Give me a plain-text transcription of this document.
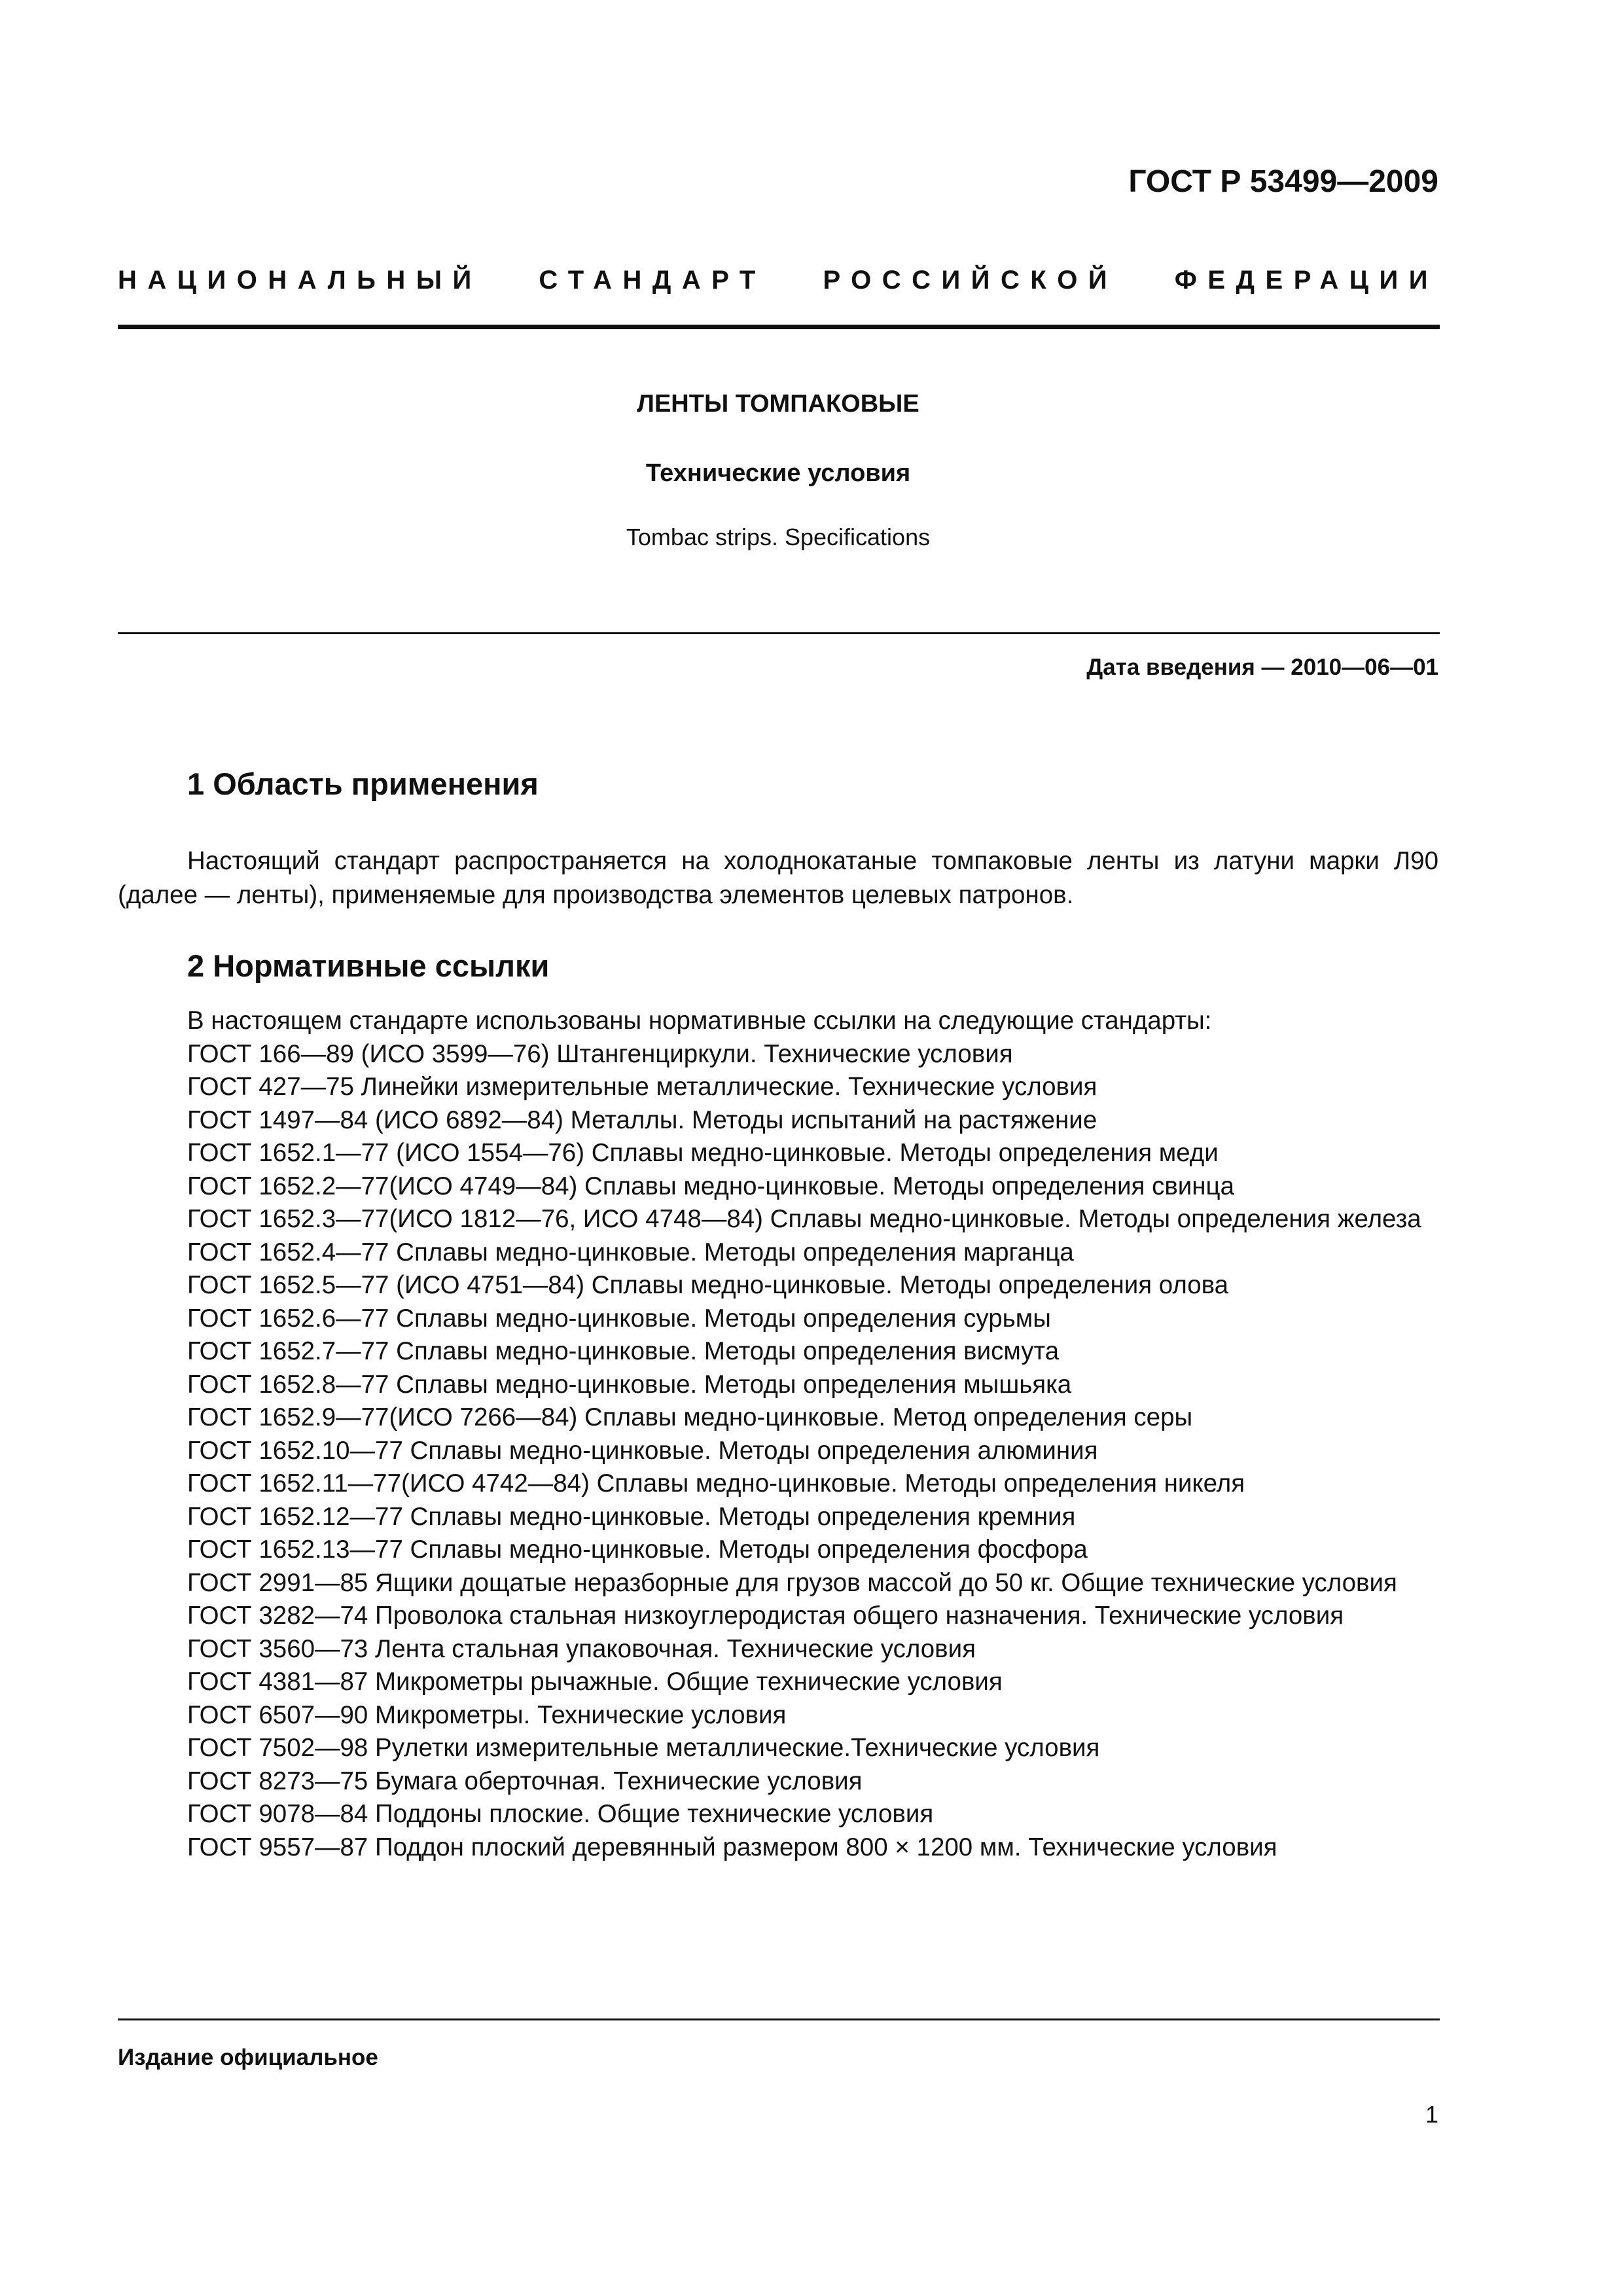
ГОСТ Р 53499—2009
НАЦИОНАЛЬНЫЙ СТАНДАРТ РОССИЙСКОЙ ФЕДЕРАЦИИ
ЛЕНТЫ ТОМПАКОВЫЕ
Технические условия
Tombac strips. Specifications
Дата введения — 2010—06—01
1 Область применения
Настоящий стандарт распространяется на холоднокатаные томпаковые ленты из латуни марки Л90 (далее — ленты), применяемые для производства элементов целевых патронов.
2 Нормативные ссылки
В настоящем стандарте использованы нормативные ссылки на следующие стандарты:
ГОСТ 166—89 (ИСО 3599—76) Штангенциркули. Технические условия
ГОСТ 427—75 Линейки измерительные металлические. Технические условия
ГОСТ 1497—84 (ИСО 6892—84) Металлы. Методы испытаний на растяжение
ГОСТ 1652.1—77 (ИСО 1554—76) Сплавы медно-цинковые. Методы определения меди
ГОСТ 1652.2—77(ИСО 4749—84) Сплавы медно-цинковые. Методы определения свинца
ГОСТ 1652.3—77(ИСО 1812—76, ИСО 4748—84) Сплавы медно-цинковые. Методы определения железа
ГОСТ 1652.4—77 Сплавы медно-цинковые. Методы определения марганца
ГОСТ 1652.5—77 (ИСО 4751—84) Сплавы медно-цинковые. Методы определения олова
ГОСТ 1652.6—77 Сплавы медно-цинковые. Методы определения сурьмы
ГОСТ 1652.7—77 Сплавы медно-цинковые. Методы определения висмута
ГОСТ 1652.8—77 Сплавы медно-цинковые. Методы определения мышьяка
ГОСТ 1652.9—77(ИСО 7266—84) Сплавы медно-цинковые. Метод определения серы
ГОСТ 1652.10—77 Сплавы медно-цинковые. Методы определения алюминия
ГОСТ 1652.11—77(ИСО 4742—84) Сплавы медно-цинковые. Методы определения никеля
ГОСТ 1652.12—77 Сплавы медно-цинковые. Методы определения кремния
ГОСТ 1652.13—77 Сплавы медно-цинковые. Методы определения фосфора
ГОСТ 2991—85 Ящики дощатые неразборные для грузов массой до 50 кг. Общие технические условия
ГОСТ 3282—74 Проволока стальная низкоуглеродистая общего назначения. Технические условия
ГОСТ 3560—73 Лента стальная упаковочная. Технические условия
ГОСТ 4381—87 Микрометры рычажные. Общие технические условия
ГОСТ 6507—90 Микрометры. Технические условия
ГОСТ 7502—98 Рулетки измерительные металлические.Технические условия
ГОСТ 8273—75 Бумага оберточная. Технические условия
ГОСТ 9078—84 Поддоны плоские. Общие технические условия
ГОСТ 9557—87 Поддон плоский деревянный размером 800 × 1200 мм. Технические условия
Издание официальное
1
